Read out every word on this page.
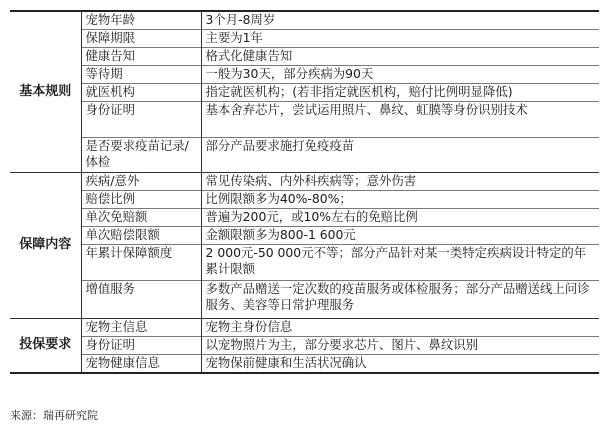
基本规则	宠物年龄	3个月-8周岁
	保障期限	主要为1年
	健康告知	格式化健康告知
	等待期	一般为30天，部分疾病为90天
	就医机构	指定就医机构；(若非指定就医机构，赔付比例明显降低)
	身份证明	基本舍弃芯片，尝试运用照片、鼻纹、虹膜等身份识别技术
	是否要求疫苗记录/体检	部分产品要求施打免疫疫苗
保障内容	疾病/意外	常见传染病、内外科疾病等；意外伤害
	赔偿比例	比例限额多为40%-80%；
	单次免赔额	普遍为200元，或10%左右的免赔比例
	单次赔偿限额	金额限额多为800-1 600元
	年累计保障额度	2 000元-50 000元不等；部分产品针对某一类特定疾病设计特定的年累计限额
	增值服务	多数产品赠送一定次数的疫苗服务或体检服务；部分产品赠送线上问诊服务、美容等日常护理服务
投保要求	宠物主信息	宠物主身份信息
	身份证明	以宠物照片为主，部分要求芯片、图片、鼻纹识别
	宠物健康信息	宠物保前健康和生活状况确认
来源：瑞再研究院
